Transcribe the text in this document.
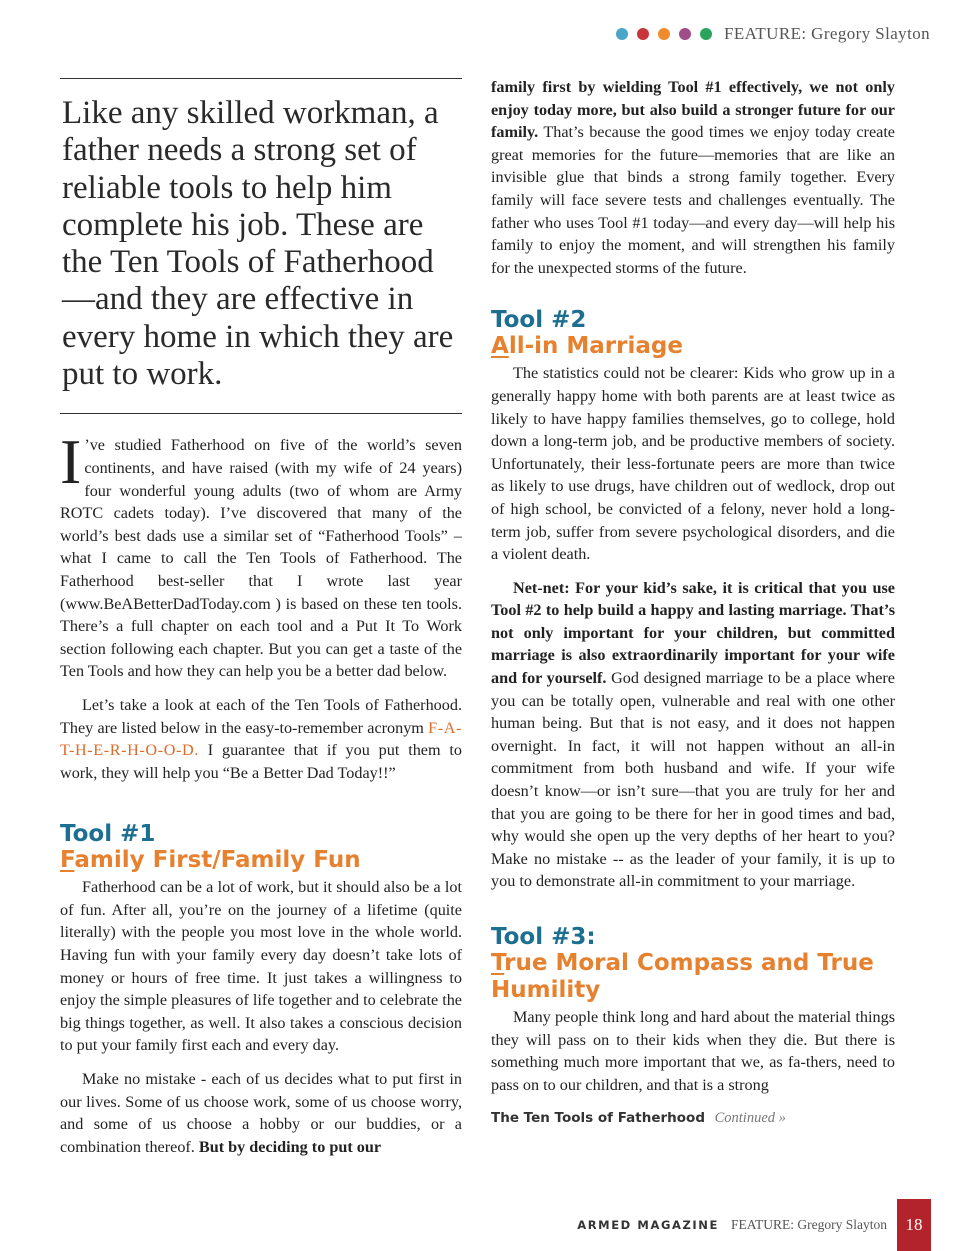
FEATURE: Gregory Slayton
Like any skilled workman, a father needs a strong set of reliable tools to help him complete his job. These are the Ten Tools of Fatherhood—and they are effective in every home in which they are put to work.

I ’ve studied Fatherhood on five of the world’s seven continents, and have raised (with my wife of 24 years) four wonderful young adults (two of whom are Army ROTC cadets today). I’ve discovered that many of the world’s best dads use a similar set of “Fatherhood Tools” – what I came to call the Ten Tools of Fatherhood. The Fatherhood best-seller that I wrote last year (www.BeABetterDadToday.com ) is based on these ten tools. There’s a full chapter on each tool and a Put It To Work section following each chapter. But you can get a taste of the Ten Tools and how they can help you be a better dad below.

Let’s take a look at each of the Ten Tools of Fatherhood. They are listed below in the easy-to-remember acronym F-A-T-H-E-R-H-O-O-D. I guarantee that if you put them to work, they will help you “Be a Better Dad Today!!”

Tool #1
Family First/Family Fun

Fatherhood can be a lot of work, but it should also be a lot of fun. After all, you’re on the journey of a lifetime (quite literally) with the people you most love in the whole world. Having fun with your family every day doesn’t take lots of money or hours of free time. It just takes a willingness to enjoy the simple pleasures of life together and to celebrate the big things together, as well. It also takes a conscious decision to put your family first each and every day.

Make no mistake - each of us decides what to put first in our lives. Some of us choose work, some of us choose worry, and some of us choose a hobby or our buddies, or a combination thereof. But by deciding to put our

family first by wielding Tool #1 effectively, we not only enjoy today more, but also build a stronger future for our family. That’s because the good times we enjoy today create great memories for the future—memories that are like an invisible glue that binds a strong family together. Every family will face severe tests and challenges eventually. The father who uses Tool #1 today—and every day—will help his family to enjoy the moment, and will strengthen his family for the unexpected storms of the future.

Tool #2
All-in Marriage

The statistics could not be clearer: Kids who grow up in a generally happy home with both parents are at least twice as likely to have happy families themselves, go to college, hold down a long-term job, and be productive members of society. Unfortunately, their less-fortunate peers are more than twice as likely to use drugs, have children out of wedlock, drop out of high school, be convicted of a felony, never hold a long-term job, suffer from severe psychological disorders, and die a violent death.

Net-net: For your kid’s sake, it is critical that you use Tool #2 to help build a happy and lasting marriage. That’s not only important for your children, but committed marriage is also extraordinarily important for your wife and for yourself. God designed marriage to be a place where you can be totally open, vulnerable and real with one other human being. But that is not easy, and it does not happen overnight. In fact, it will not happen without an all-in commitment from both husband and wife. If your wife doesn’t know—or isn’t sure—that you are truly for her and that you are going to be there for her in good times and bad, why would she open up the very depths of her heart to you? Make no mistake -- as the leader of your family, it is up to you to demonstrate all-in commitment to your marriage.

Tool #3:
True Moral Compass and True Humility

Many people think long and hard about the material things they will pass on to their kids when they die. But there is something much more important that we, as fa-thers, need to pass on to our children, and that is a strong

The Ten Tools of Fatherhood Continued »
ARMED MAGAZINE FEATURE: Gregory Slayton	18
